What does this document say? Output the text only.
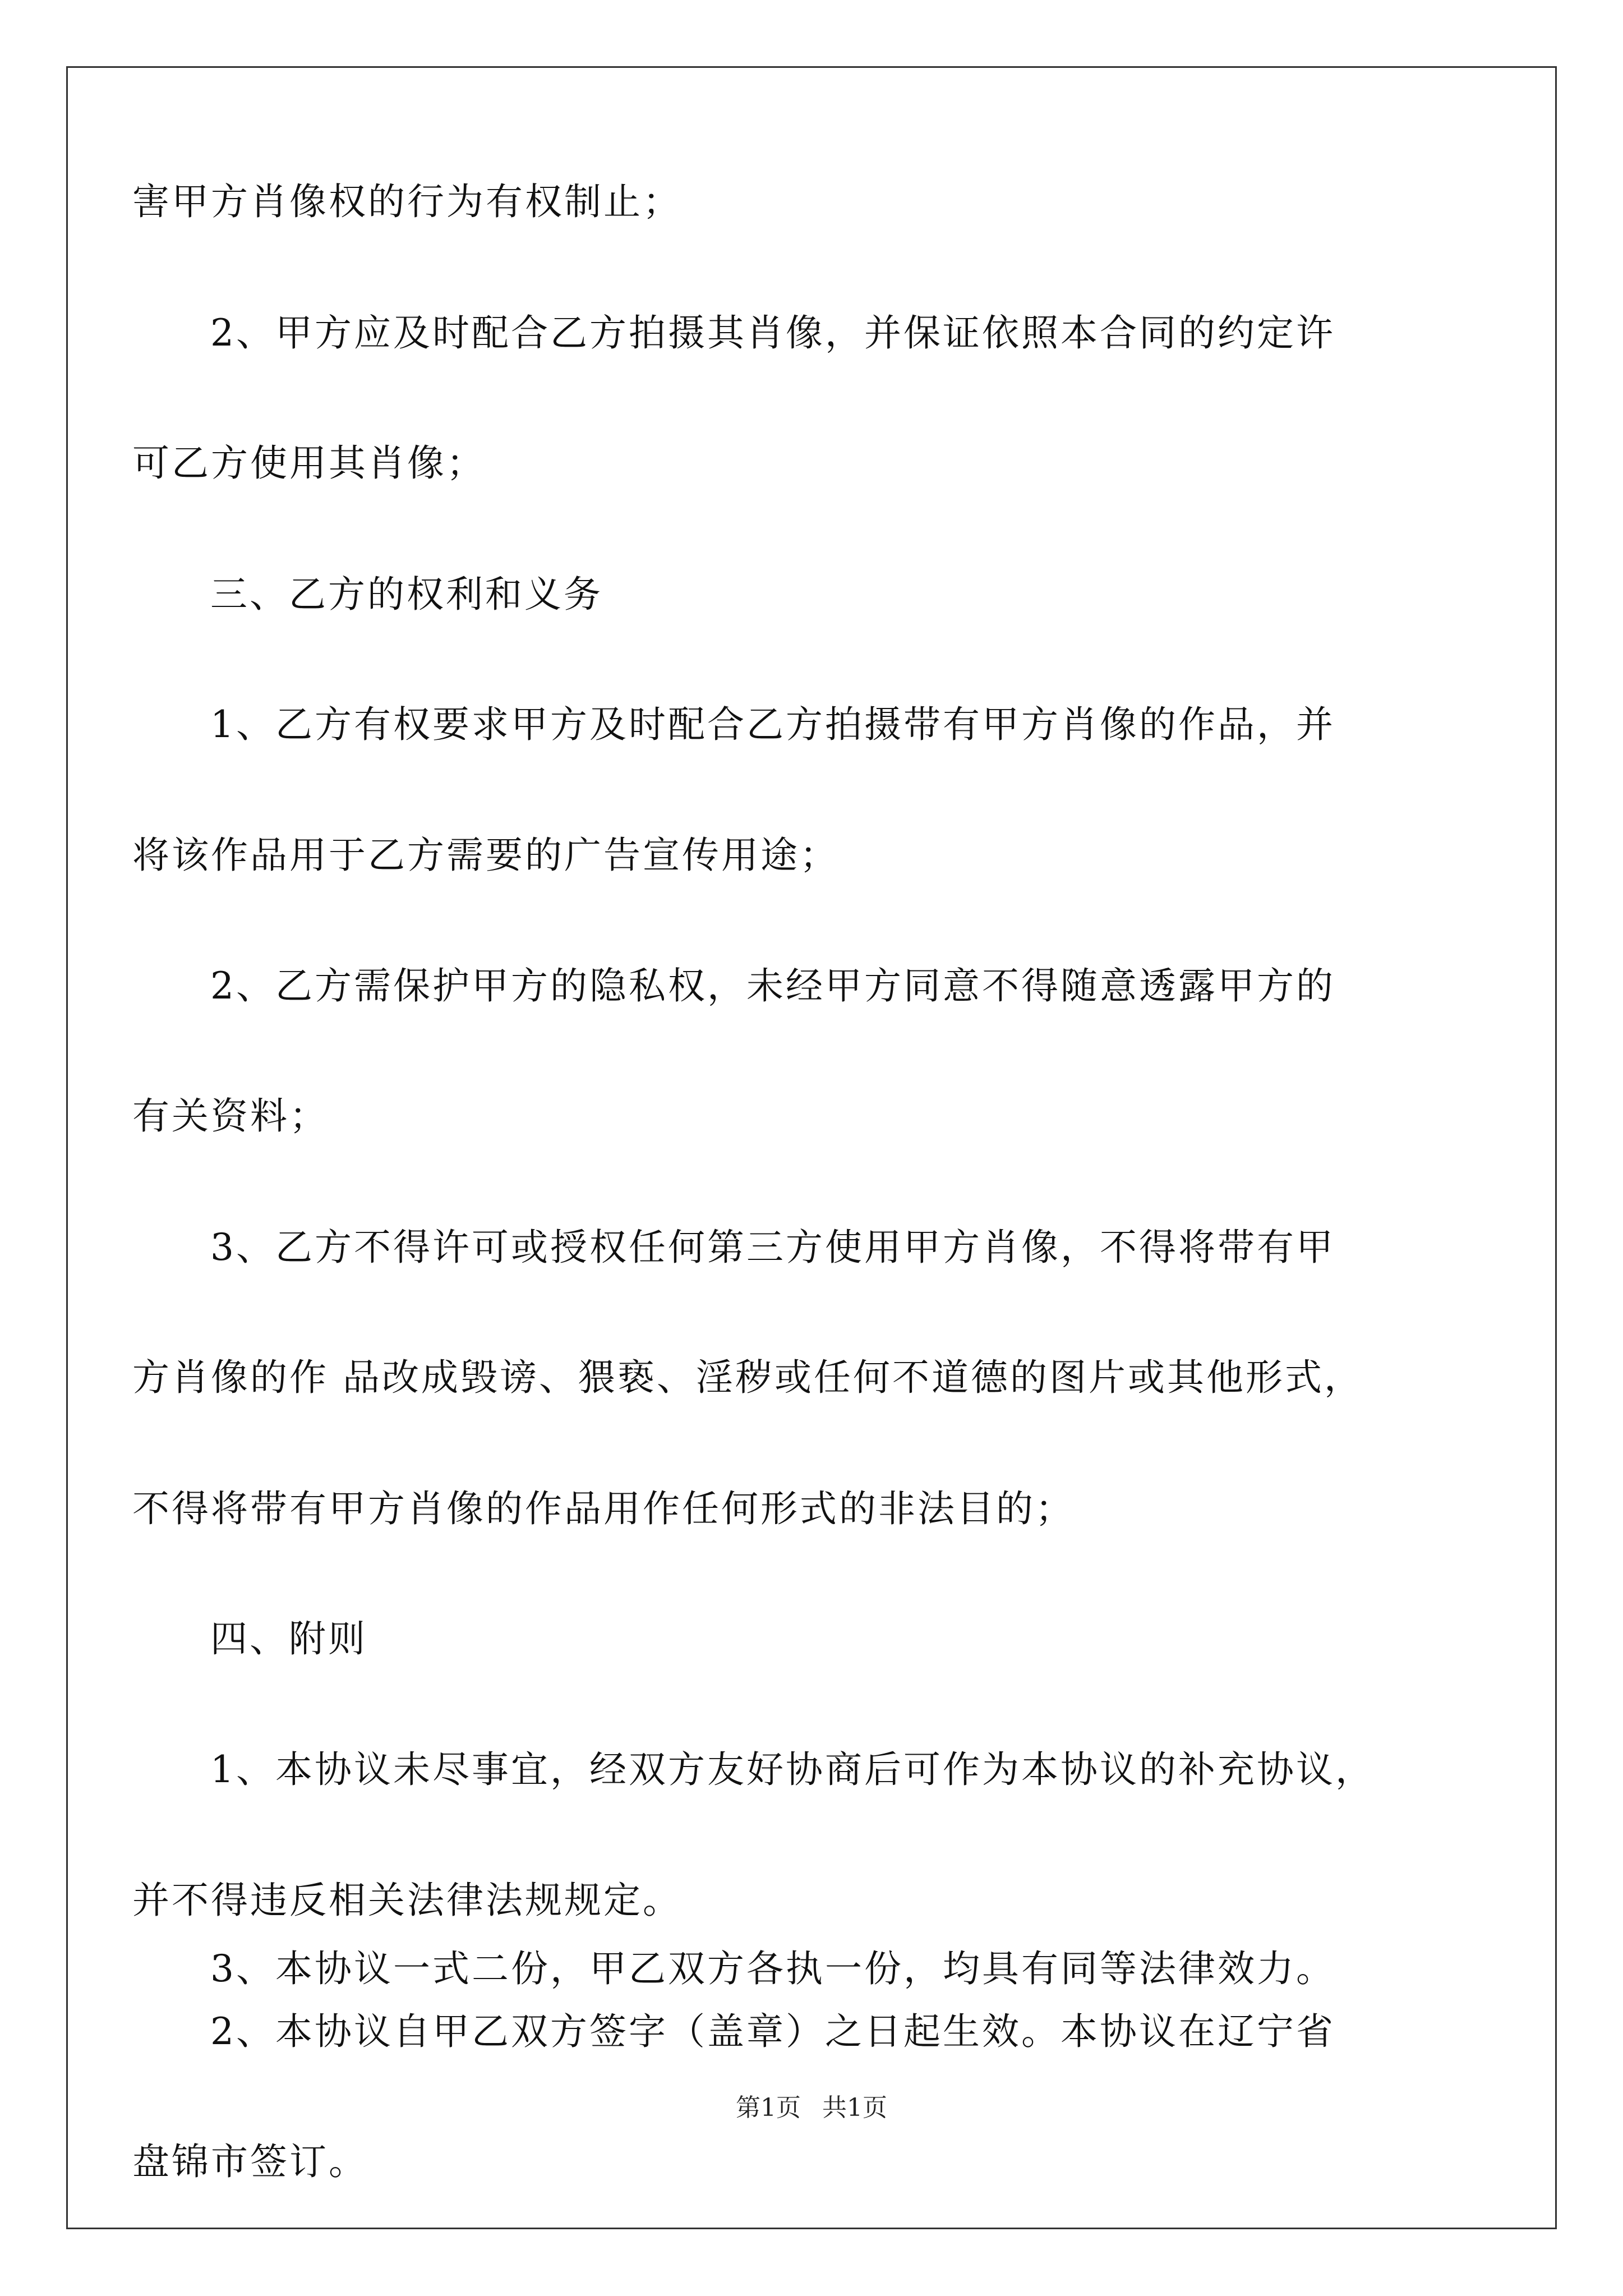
害甲方肖像权的行为有权制止；
2、甲方应及时配合乙方拍摄其肖像，并保证依照本合同的约定许
可乙方使用其肖像；
三、乙方的权利和义务
1、乙方有权要求甲方及时配合乙方拍摄带有甲方肖像的作品，并
将该作品用于乙方需要的广告宣传用途；
2、乙方需保护甲方的隐私权，未经甲方同意不得随意透露甲方的
有关资料；
3、乙方不得许可或授权任何第三方使用甲方肖像，不得将带有甲
方肖像的作 品改成毁谤、猥亵、淫秽或任何不道德的图片或其他形式，
不得将带有甲方肖像的作品用作任何形式的非法目的；
四、附则
1、本协议未尽事宜，经双方友好协商后可作为本协议的补充协议，
并不得违反相关法律法规规定。
2、本协议自甲乙双方签字（盖章）之日起生效。本协议在辽宁省
盘锦市签订。
3、本协议一式二份，甲乙双方各执一份，均具有同等法律效力。
第1页 共1页
